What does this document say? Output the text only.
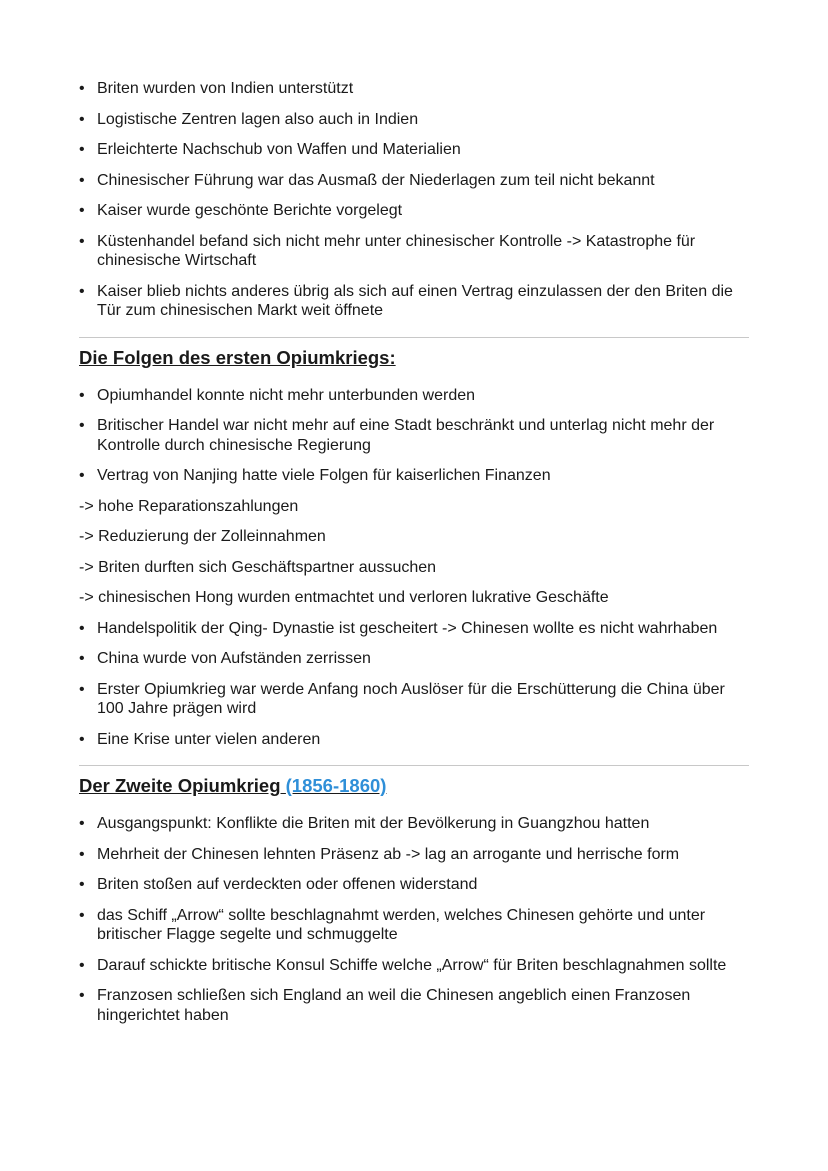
• Briten wurden von Indien unterstützt
• Logistische Zentren lagen also auch in Indien
• Erleichterte Nachschub von Waffen und Materialien
• Chinesischer Führung war das Ausmaß der Niederlagen zum teil nicht bekannt
• Kaiser wurde geschönte Berichte vorgelegt
• Küstenhandel befand sich nicht mehr unter chinesischer Kontrolle -> Katastrophe für chinesische Wirtschaft
• Kaiser blieb nichts anderes übrig als sich auf einen Vertrag einzulassen der den Briten die Tür zum chinesischen Markt weit öffnete
Die Folgen des ersten Opiumkriegs:
• Opiumhandel konnte nicht mehr unterbunden werden
• Britischer Handel war nicht mehr auf eine Stadt beschränkt und unterlag nicht mehr der Kontrolle durch chinesische Regierung
• Vertrag von Nanjing hatte viele Folgen für kaiserlichen Finanzen
-> hohe Reparationszahlungen
-> Reduzierung der Zolleinnahmen
-> Briten durften sich Geschäftspartner aussuchen
-> chinesischen Hong wurden entmachtet und verloren lukrative Geschäfte
• Handelspolitik der Qing- Dynastie ist gescheitert -> Chinesen wollte es nicht wahrhaben
• China wurde von Aufständen zerrissen
• Erster Opiumkrieg war werde Anfang noch Auslöser für die Erschütterung die China über 100 Jahre prägen wird
• Eine Krise unter vielen anderen
Der Zweite Opiumkrieg (1856-1860)
• Ausgangspunkt: Konflikte die Briten mit der Bevölkerung in Guangzhou hatten
• Mehrheit der Chinesen lehnten Präsenz ab -> lag an arrogante und herrische form
• Briten stoßen auf verdeckten oder offenen widerstand
• das Schiff „Arrow“ sollte beschlagnahmt werden, welches Chinesen gehörte und unter britischer Flagge segelte und schmuggelte
• Darauf schickte britische Konsul Schiffe welche „Arrow“ für Briten beschlagnahmen sollte
• Franzosen schließen sich England an weil die Chinesen angeblich einen Franzosen hingerichtet haben
